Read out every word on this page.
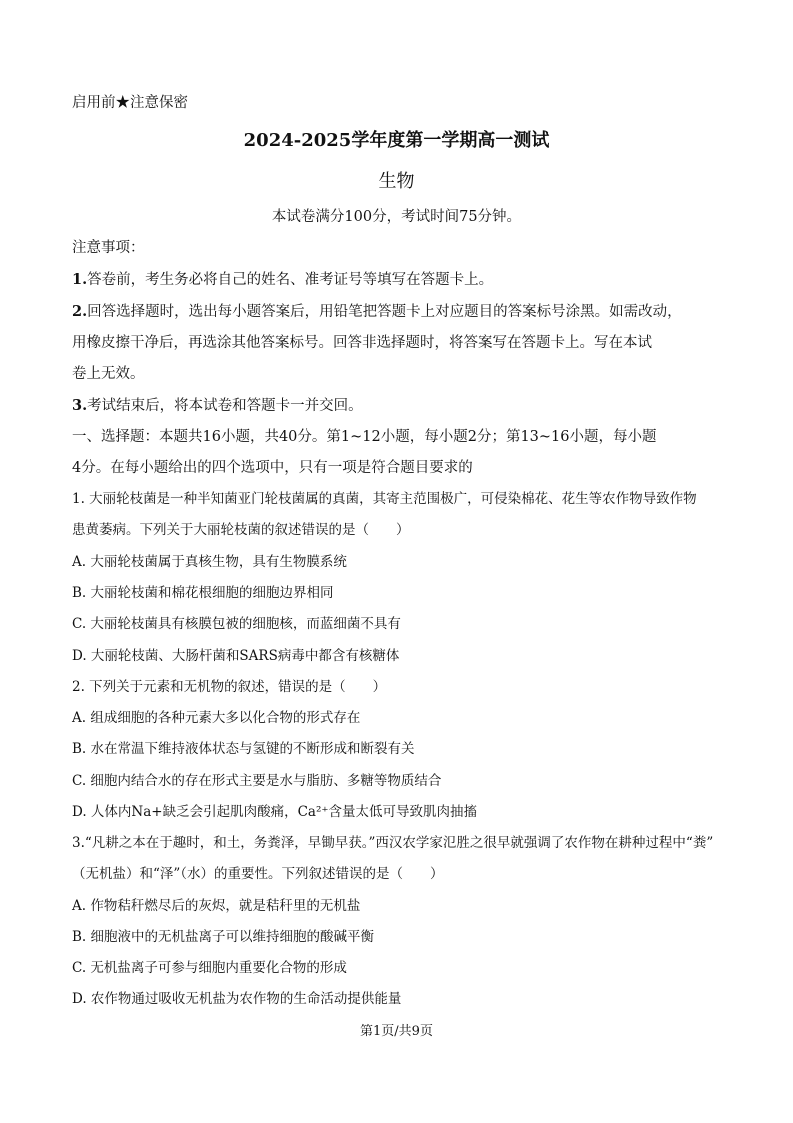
启用前★注意保密
2024-2025学年度第一学期高一测试
生物
本试卷满分100分，考试时间75分钟。
注意事项：
1.答卷前，考生务必将自己的姓名、准考证号等填写在答题卡上。
2.回答选择题时，选出每小题答案后，用铅笔把答题卡上对应题目的答案标号涂黑。如需改动，
用橡皮擦干净后，再选涂其他答案标号。回答非选择题时，将答案写在答题卡上。写在本试
卷上无效。
3.考试结束后，将本试卷和答题卡一并交回。
一、选择题：本题共16小题，共40分。第1~12小题，每小题2分；第13~16小题，每小题
4分。在每小题给出的四个选项中，只有一项是符合题目要求的
1. 大丽轮枝菌是一种半知菌亚门轮枝菌属的真菌，其寄主范围极广，可侵染棉花、花生等农作物导致作物
患黄萎病。下列关于大丽轮枝菌的叙述错误的是（　　）
A. 大丽轮枝菌属于真核生物，具有生物膜系统
B. 大丽轮枝菌和棉花根细胞的细胞边界相同
C. 大丽轮枝菌具有核膜包被的细胞核，而蓝细菌不具有
D. 大丽轮枝菌、大肠杆菌和SARS病毒中都含有核糖体
2. 下列关于元素和无机物的叙述，错误的是（　　）
A. 组成细胞的各种元素大多以化合物的形式存在
B. 水在常温下维持液体状态与氢键的不断形成和断裂有关
C. 细胞内结合水的存在形式主要是水与脂肪、多糖等物质结合
D. 人体内Na+缺乏会引起肌肉酸痛，Ca²⁺含量太低可导致肌肉抽搐
3.“凡耕之本在于趣时，和土，务粪泽，早锄早获。”西汉农学家氾胜之很早就强调了农作物在耕种过程中“粪”
（无机盐）和“泽”（水）的重要性。下列叙述错误的是（　　）
A. 作物秸秆燃尽后的灰烬，就是秸秆里的无机盐
B. 细胞液中的无机盐离子可以维持细胞的酸碱平衡
C. 无机盐离子可参与细胞内重要化合物的形成
D. 农作物通过吸收无机盐为农作物的生命活动提供能量
第1页/共9页
